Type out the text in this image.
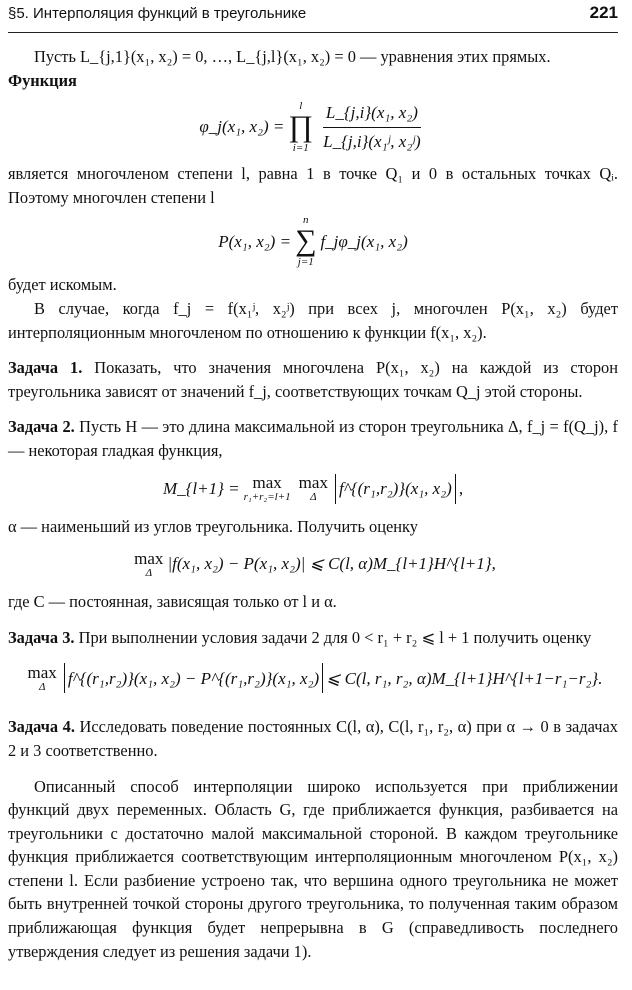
§5. Интерполяция функций в треугольнике	221

Пусть L_{j,1}(x₁, x₂) = 0, …, L_{j,l}(x₁, x₂) = 0 — уравнения этих прямых.

Функция

φ_j(x₁, x₂) =
l
∏
$i=1 \frac{\text{L\_\{j,i\}(x₁, x₂)}}{\text{L\_\{j,i\}(x₁ʲ, x₂ʲ)}}$

является многочленом степени l, равна 1 в точке Q₁ и 0 в остальных точках Qᵢ. Поэтому многочлен степени l

P(x₁, x₂) =
n
∑
j=1
f_jφ_j(x₁, x₂)

будет искомым.

В случае, когда f_j = f(x₁ʲ, x₂ʲ) при всех j, многочлен P(x₁, x₂) будет интерполяционным многочленом по отношению к функции f(x₁, x₂).

Задача 1. Показать, что значения многочлена P(x₁, x₂) на каждой из сторон треугольника зависят от значений f_j, соответствующих точкам Q_j этой стороны.

Задача 2. Пусть H — это длина максимальной из сторон треугольника Δ, f_j = f(Q_j), f — некоторая гладкая функция,

M_{l+1} = max
r₁+r₂=l+1
max
Δ f^{(r₁,r₂)}(x₁, x₂) ,

α — наименьший из углов треугольника. Получить оценку

max
Δ |f(x₁, x₂) − P(x₁, x₂)| ⩽ C(l, α)M_{l+1}H^{l+1},

где C — постоянная, зависящая только от l и α.

Задача 3. При выполнении условия задачи 2 для 0 < r₁ + r₂ ⩽ l + 1 получить оценку

max
Δ f^{(r₁,r₂)}(x₁, x₂) − P^{(r₁,r₂)}(x₁, x₂) ⩽ C(l, r₁, r₂, α)M_{l+1}H^{l+1−r₁−r₂}.

Задача 4. Исследовать поведение постоянных C(l, α), C(l, r₁, r₂, α) при α → 0 в задачах 2 и 3 соответственно.

Описанный способ интерполяции широко используется при приближении функций двух переменных. Область G, где приближается функция, разбивается на треугольники с достаточно малой максимальной стороной. В каждом треугольнике функция приближается соответствующим интерполяционным многочленом P(x₁, x₂) степени l. Если разбиение устроено так, что вершина одного треугольника не может быть внутренней точкой стороны другого треугольника, то полученная таким образом приближающая функция будет непрерывна в G (справедливость последнего утверждения следует из решения задачи 1).
